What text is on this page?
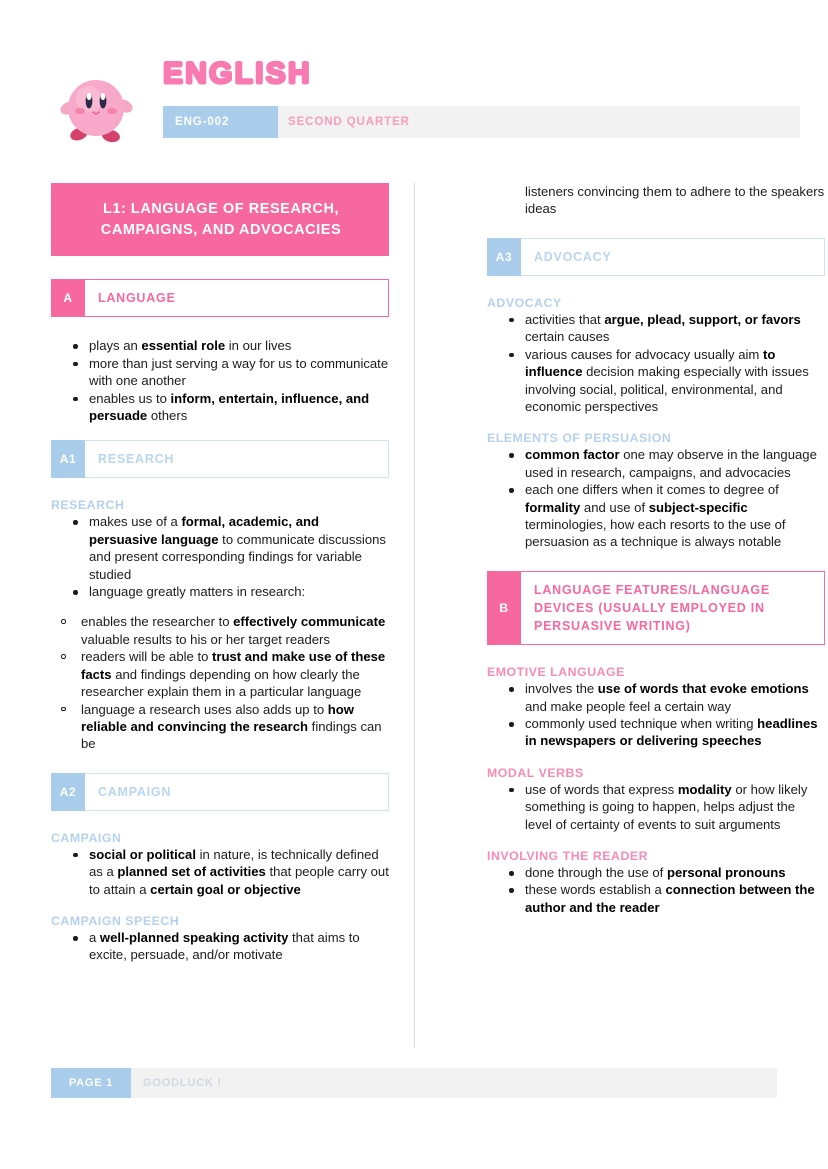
ENGLISH
ENG-002	SECOND QUARTER
L1: LANGUAGE OF RESEARCH, CAMPAIGNS, AND ADVOCACIES
A	LANGUAGE
plays an essential role in our lives
more than just serving a way for us to communicate with one another
enables us to inform, entertain, influence, and persuade others
A1	RESEARCH
RESEARCH
makes use of a formal, academic, and persuasive language to communicate discussions and present corresponding findings for variable studied
language greatly matters in research:
enables the researcher to effectively communicate valuable results to his or her target readers
readers will be able to trust and make use of these facts and findings depending on how clearly the researcher explain them in a particular language
language a research uses also adds up to how reliable and convincing the research findings can be
A2	CAMPAIGN
CAMPAIGN
social or political in nature, is technically defined as a planned set of activities that people carry out to attain a certain goal or objective
CAMPAIGN SPEECH
a well-planned speaking activity that aims to excite, persuade, and/or motivate
listeners convincing them to adhere to the speakers ideas
A3	ADVOCACY
ADVOCACY
activities that argue, plead, support, or favors certain causes
various causes for advocacy usually aim to influence decision making especially with issues involving social, political, environmental, and economic perspectives
ELEMENTS OF PERSUASION
common factor one may observe in the language used in research, campaigns, and advocacies
each one differs when it comes to degree of formality and use of subject-specific terminologies, how each resorts to the use of persuasion as a technique is always notable
B
LANGUAGE FEATURES/LANGUAGE DEVICES (USUALLY EMPLOYED IN PERSUASIVE WRITING)
EMOTIVE LANGUAGE
involves the use of words that evoke emotions and make people feel a certain way
commonly used technique when writing headlines in newspapers or delivering speeches
MODAL VERBS
use of words that express modality or how likely something is going to happen, helps adjust the level of certainty of events to suit arguments
INVOLVING THE READER
done through the use of personal pronouns
these words establish a connection between the author and the reader
PAGE 1	GOODLUCK !
